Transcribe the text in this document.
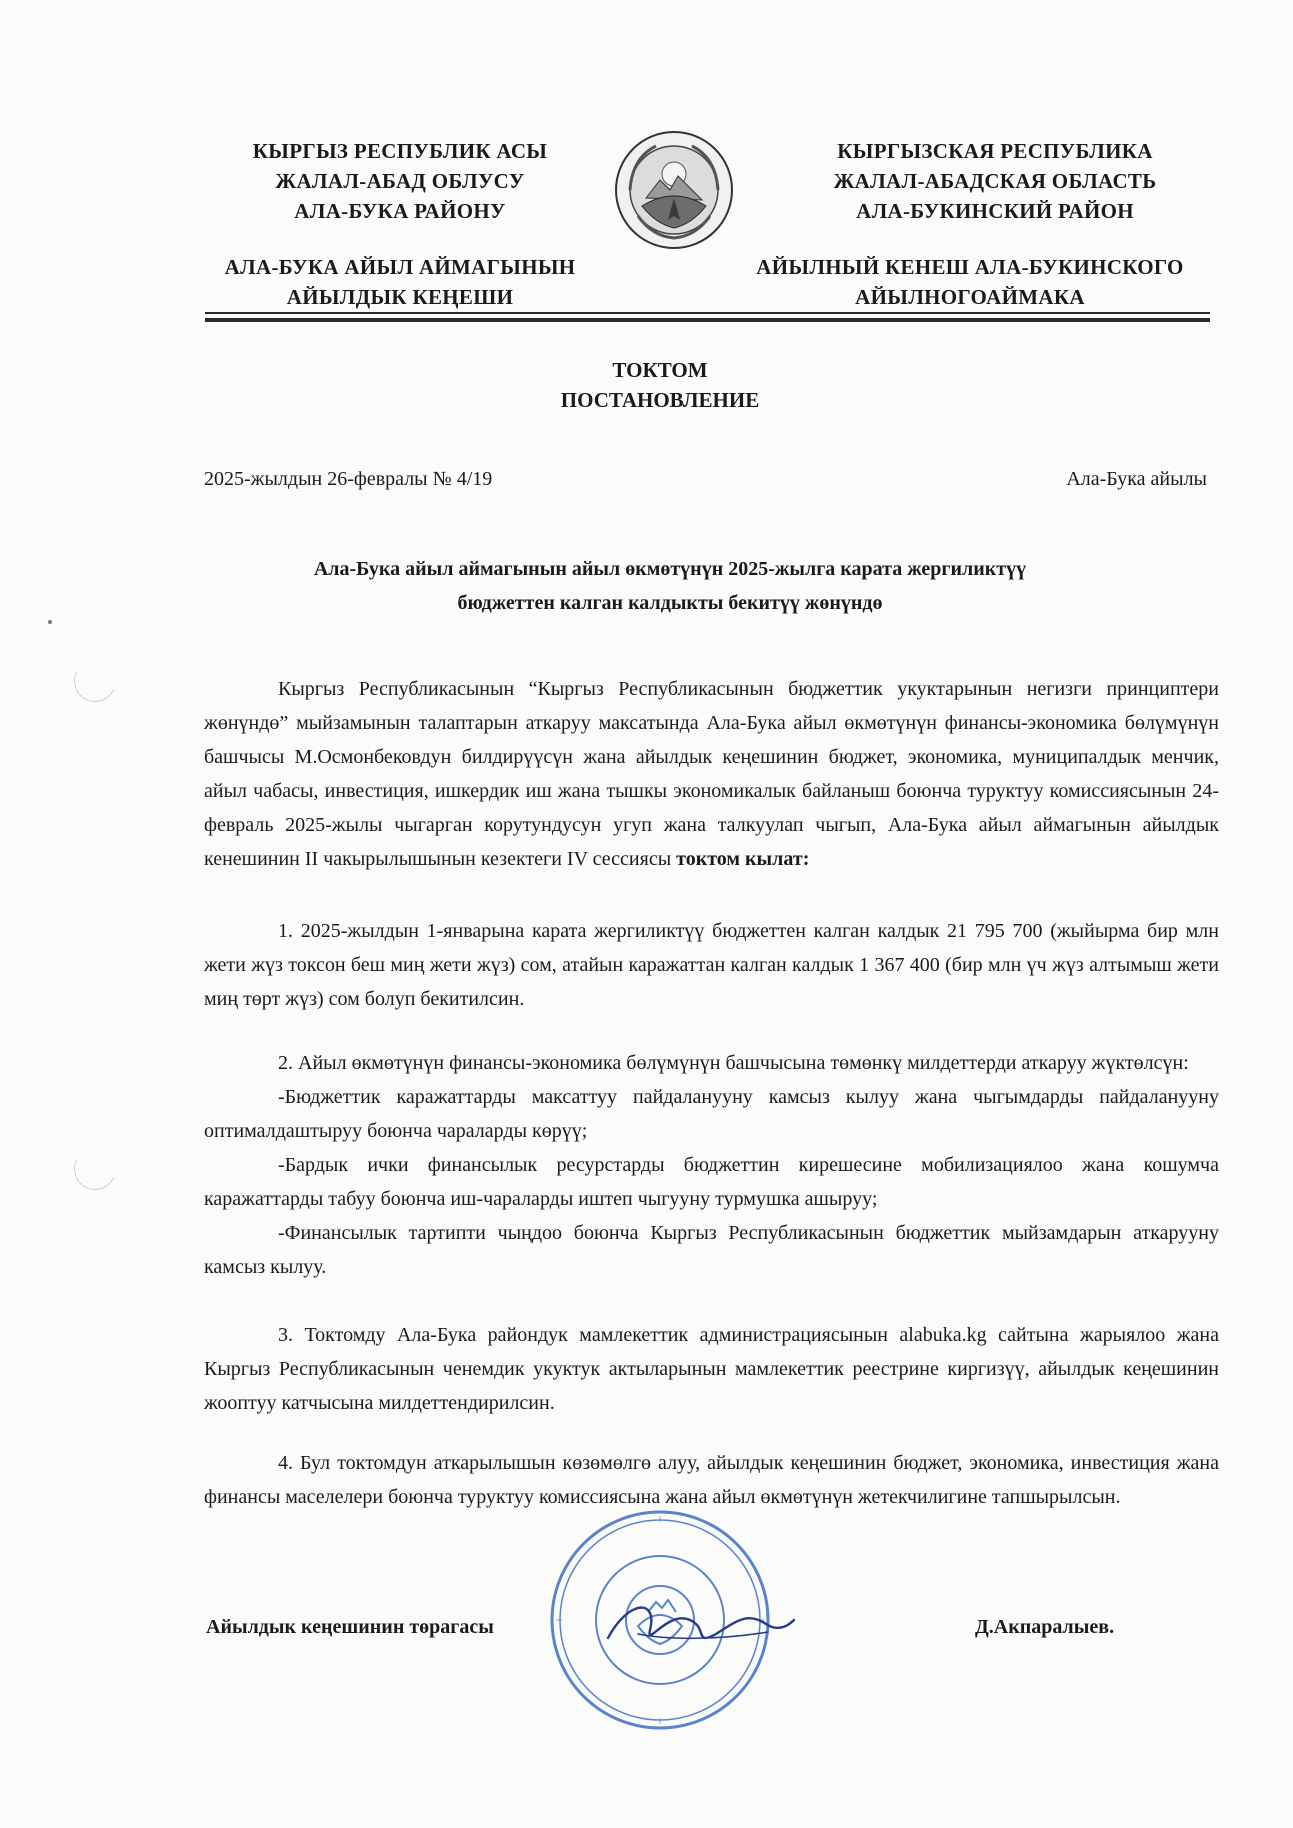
КЫРГЫЗ РЕСПУБЛИК АСЫ
ЖАЛАЛ-АБАД ОБЛУСУ
АЛА-БУКА РАЙОНУ
КЫРГЫЗСКАЯ РЕСПУБЛИКА
ЖАЛАЛ-АБАДСКАЯ ОБЛАСТЬ
АЛА-БУКИНСКИЙ РАЙОН
АЛА-БУКА АЙЫЛ АЙМАГЫНЫН
АЙЫЛДЫК КЕҢЕШИ
АЙЫЛНЫЙ КЕНЕШ АЛА-БУКИНСКОГО
АЙЫЛНОГОАЙМАКА
ТОКТОМ
ПОСТАНОВЛЕНИЕ
2025-жылдын 26-февралы № 4/19	Ала-Бука айылы
Ала-Бука айыл аймагынын айыл өкмөтүнүн 2025-жылга карата жергиликтүү
бюджеттен калган калдыкты бекитүү жөнүндө

Кыргыз Республикасынын “Кыргыз Республикасынын бюджеттик укуктарынын негизги принциптери жөнүндө” мыйзамынын талаптарын аткаруу максатында Ала-Бука айыл өкмөтүнүн финансы-экономика бөлүмүнүн башчысы М.Осмонбековдун билдирүүсүн жана айылдык кеңешинин бюджет, экономика, муниципалдык менчик, айыл чабасы, инвестиция, ишкердик иш жана тышкы экономикалык байланыш боюнча туруктуу комиссиясынын 24-февраль 2025-жылы чыгарган корутундусун угуп жана талкуулап чыгып, Ала-Бука айыл аймагынын айылдык кенешинин II чакырылышынын кезектеги IV сессиясы токтом кылат:

1. 2025-жылдын 1-январына карата жергиликтүү бюджеттен калган калдык 21 795 700 (жыйырма бир млн жети жүз токсон беш миң жети жүз) сом, атайын каражаттан калган калдык 1 367 400 (бир млн үч жүз алтымыш жети миң төрт жүз) сом болуп бекитилсин.

2. Айыл өкмөтүнүн финансы-экономика бөлүмүнүн башчысына төмөнкү милдеттерди аткаруу жүктөлсүн:

-Бюджеттик каражаттарды максаттуу пайдаланууну камсыз кылуу жана чыгымдарды пайдаланууну оптималдаштыруу боюнча чараларды көрүү;

-Бардык ички финансылык ресурстарды бюджеттин кирешесине мобилизациялоо жана кошумча каражаттарды табуу боюнча иш-чараларды иштеп чыгууну турмушка ашыруу;

-Финансылык тартипти чыңдоо боюнча Кыргыз Республикасынын бюджеттик мыйзамдарын аткарууну камсыз кылуу.

3. Токтомду Ала-Бука райондук мамлекеттик администрациясынын alabuka.kg сайтына жарыялоо жана Кыргыз Республикасынын ченемдик укуктук актыларынын мамлекеттик реестрине киргизүү, айылдык кеңешинин жооптуу катчысына милдеттендирилсин.

4. Бул токтомдун аткарылышын көзөмөлгө алуу, айылдык кеңешинин бюджет, экономика, инвестиция жана финансы маселелери боюнча туруктуу комиссиясына жана айыл өкмөтүнүн жетекчилигине тапшырылсын.

Айылдык кеңешинин төрагасы	Д.Акпаралыев.
